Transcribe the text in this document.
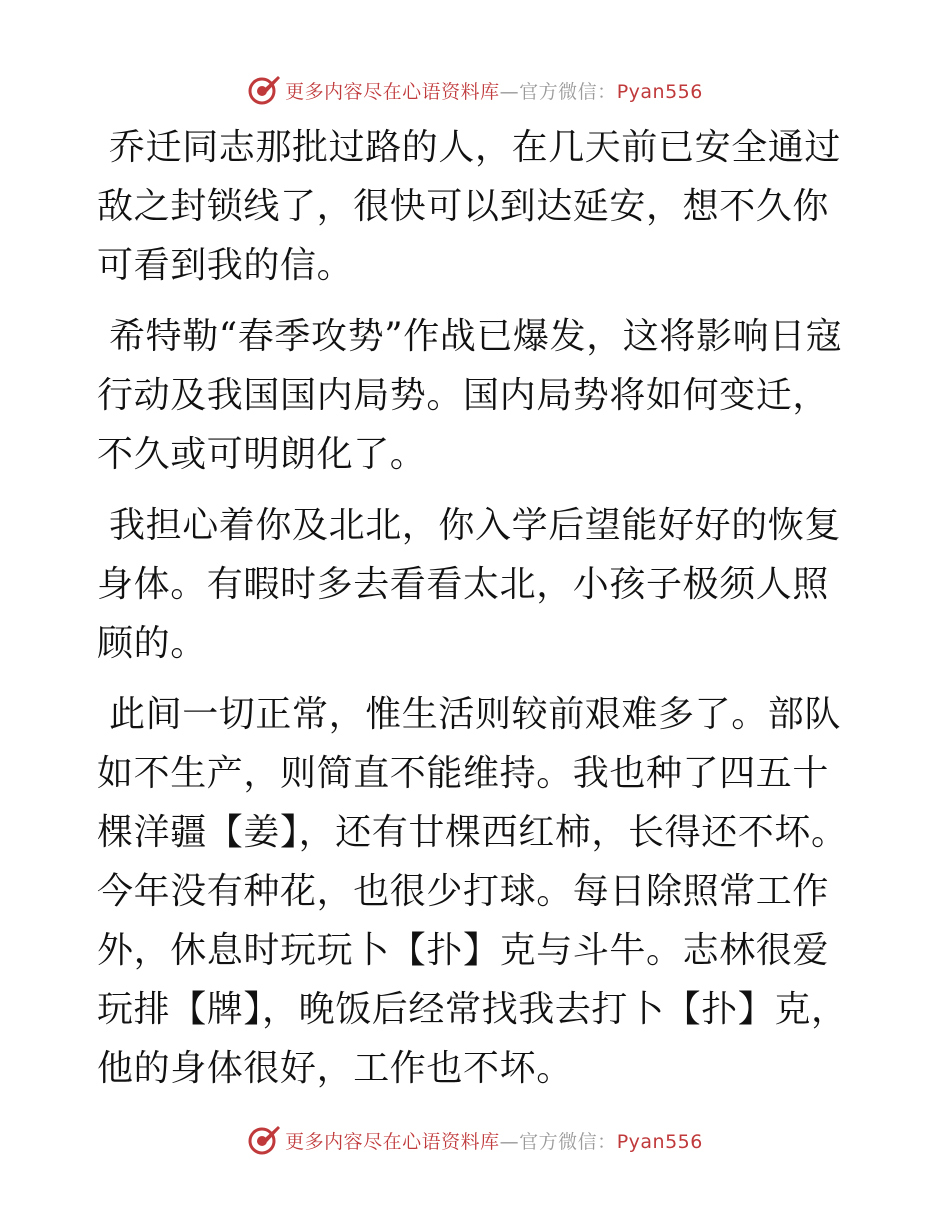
更多内容尽在心语资料库—官方微信：Pyan556

乔迁同志那批过路的人，在几天前已安全通过敌之封锁线了，很快可以到达延安，想不久你可看到我的信。

希特勒“春季攻势”作战已爆发，这将影响日寇行动及我国国内局势。国内局势将如何变迁，不久或可明朗化了。

我担心着你及北北，你入学后望能好好的恢复身体。有暇时多去看看太北，小孩子极须人照顾的。

此间一切正常，惟生活则较前艰难多了。部队如不生产，则简直不能维持。我也种了四五十棵洋疆【姜】，还有廿棵西红柿，长得还不坏。今年没有种花，也很少打球。每日除照常工作外，休息时玩玩卜【扑】克与斗牛。志林很爱玩排【牌】，晚饭后经常找我去打卜【扑】克，他的身体很好，工作也不坏。

更多内容尽在心语资料库—官方微信：Pyan556
